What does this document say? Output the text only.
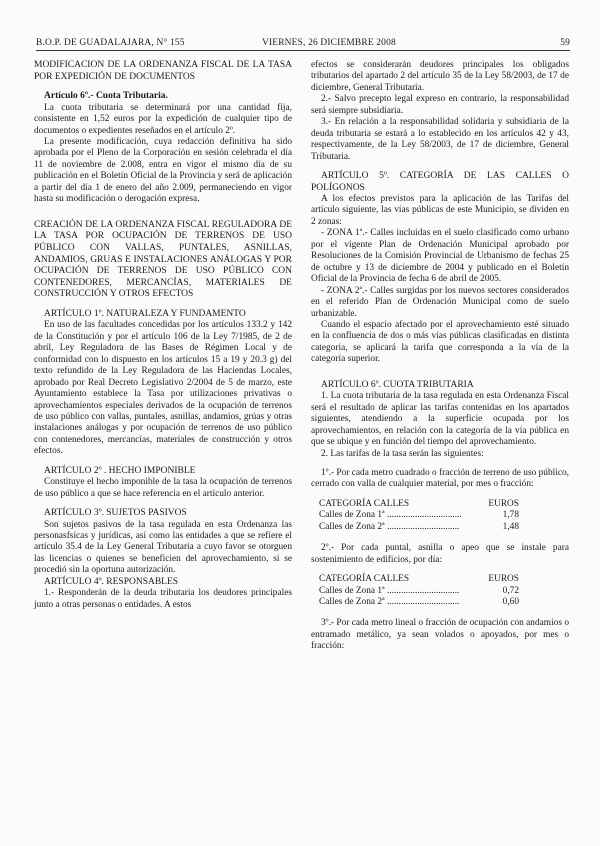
B.O.P. DE GUADALAJARA, N° 155	VIERNES, 26 DICIEMBRE 2008	59

MODIFICACION DE LA ORDENANZA FISCAL DE LA TASA POR EXPEDICIÓN DE DOCUMENTOS

Artículo 6º.- Cuota Tributaria.

La cuota tributaria se determinará por una cantidad fija, consistente en 1,52 euros por la expedición de cualquier tipo de documentos o expedientes reseñados en el artículo 2º.

La presente modificación, cuya redacción definitiva ha sido aprobada por el Pleno de la Corporación en sesión celebrada el día 11 de noviembre de 2.008, entra en vigor el mismo día de su publicación en el Boletín Oficial de la Provincia y será de aplicación a partir del día 1 de enero del año 2.009, permaneciendo en vigor hasta su modificación o derogación expresa.

CREACIÓN DE LA ORDENANZA FISCAL REGULADORA DE LA TASA POR OCUPACIÓN DE TERRENOS DE USO PÚBLICO CON VALLAS, PUNTALES, ASNILLAS, ANDAMIOS, GRUAS E INSTALACIONES ANÁLOGAS Y POR OCUPACIÓN DE TERRENOS DE USO PÚBLICO CON CONTENEDORES, MERCANCÍAS, MATERIALES DE CONSTRUCCIÓN Y OTROS EFECTOS

ARTÍCULO 1º. NATURALEZA Y FUNDAMENTO

En uso de las facultades concedidas por los artículos 133.2 y 142 de la Constitución y por el artículo 106 de la Ley 7/1985, de 2 de abril, Ley Reguladora de las Bases de Régimen Local y de conformidad con lo dispuesto en los artículos 15 a 19 y 20.3 g) del texto refundido de la Ley Reguladora de las Haciendas Locales, aprobado por Real Decreto Legislativo 2/2004 de 5 de marzo, este Ayuntamiento establece la Tasa por utilizaciones privativas o aprovechamientos especiales derivados de la ocupación de terrenos de uso público con vallas, puntales, asnillas, andamios, grúas y otras instalaciones análogas y por ocupación de terrenos de uso público con contenedores, mercancías, materiales de construcción y otros efectos.

ARTÍCULO 2º . HECHO IMPONIBLE

Constituye el hecho imponible de la tasa la ocupación de terrenos de uso público a que se hace referencia en el artículo anterior.

ARTÍCULO 3º. SUJETOS PASIVOS

Son sujetos pasivos de la tasa regulada en esta Ordenanza las personasfsícas y jurídicas, así como las entidades a que se refiere el artículo 35.4 de la Ley General Tributaria a cuyo favor se otorguen las licencias o quienes se beneficien del aprovechamiento, si se procedió sin la oportuna autorización.

ARTÍCULO 4º. RESPONSABLES

1.- Responderán de la deuda tributaria los deudores principales junto a otras personas o entidades. A estos

efectos se considerarán deudores principales los obligados tributarios del apartado 2 del artículo 35 de la Ley 58/2003, de 17 de diciembre, General Tributaria.

2.- Salvo precepto legal expreso en contrario, la responsabilidad será siempre subsidiaria.

3.- En relación a la responsabilidad solidaria y subsidiaria de la deuda tributaria se estará a lo establecido en los artículos 42 y 43, respectivamente, de la Ley 58/2003, de 17 de diciembre, General Tributaria.

ARTÍCULO 5º. CATEGORÍA DE LAS CALLES O POLÍGONOS

A los efectos previstos para la aplicación de las Tarifas del artículo siguiente, las vías públicas de este Municipio, se dividen en 2 zonas:

- ZONA 1ª.- Calles incluidas en el suelo clasificado como urbano por el vigente Plan de Ordenación Municipal aprobado por Resoluciones de la Comisión Provincial de Urbanismo de fechas 25 de octubre y 13 de diciembre de 2004 y publicado en el Boletín Oficial de la Provincia de fecha 6 de abril de 2005.

- ZONA 2ª.- Calles surgidas por los nuevos sectores considerados en el referido Plan de Ordenación Municipal como de suelo urbanizable.

Cuando el espacio afectado por el aprovechamiento esté situado en la confluencia de dos o más vías públicas clasificadas en distinta categoría, se aplicará la tarifa que corresponda a la vía de la categoría superior.

ARTÍCULO 6º. CUOTA TRIBUTARIA

1. La cuota tributaria de la tasa regulada en esta Ordenanza Fiscal será el resultado de aplicar las tarifas contenidas en los apartados siguientes, atendiendo a la superficie ocupada por los aprovechamientos, en relación con la categoría de la vía pública en que se ubique y en función del tiempo del aprovechamiento.

2. Las tarifas de la tasa serán las siguientes:

1º.- Por cada metro cuadrado o fracción de terreno de uso público, cerrado con valla de cualquier material, por mes o fracción:

CATEGORÍA CALLES	EUROS
Calles de Zona 1ª ................................	1,78
Calles de Zona 2ª ...............................	1,48

2º.- Por cada puntal, asnilla o apeo que se instale para sostenimiento de edificios, por día:

CATEGORÍA CALLES	EUROS
Calles de Zona 1ª ...............................	0,72
Calles de Zona 2ª ...............................	0,60

3º.- Por cada metro lineal o fracción de ocupación con andamios o entramado metálico, ya sean volados o apoyados, por mes o fracción:
